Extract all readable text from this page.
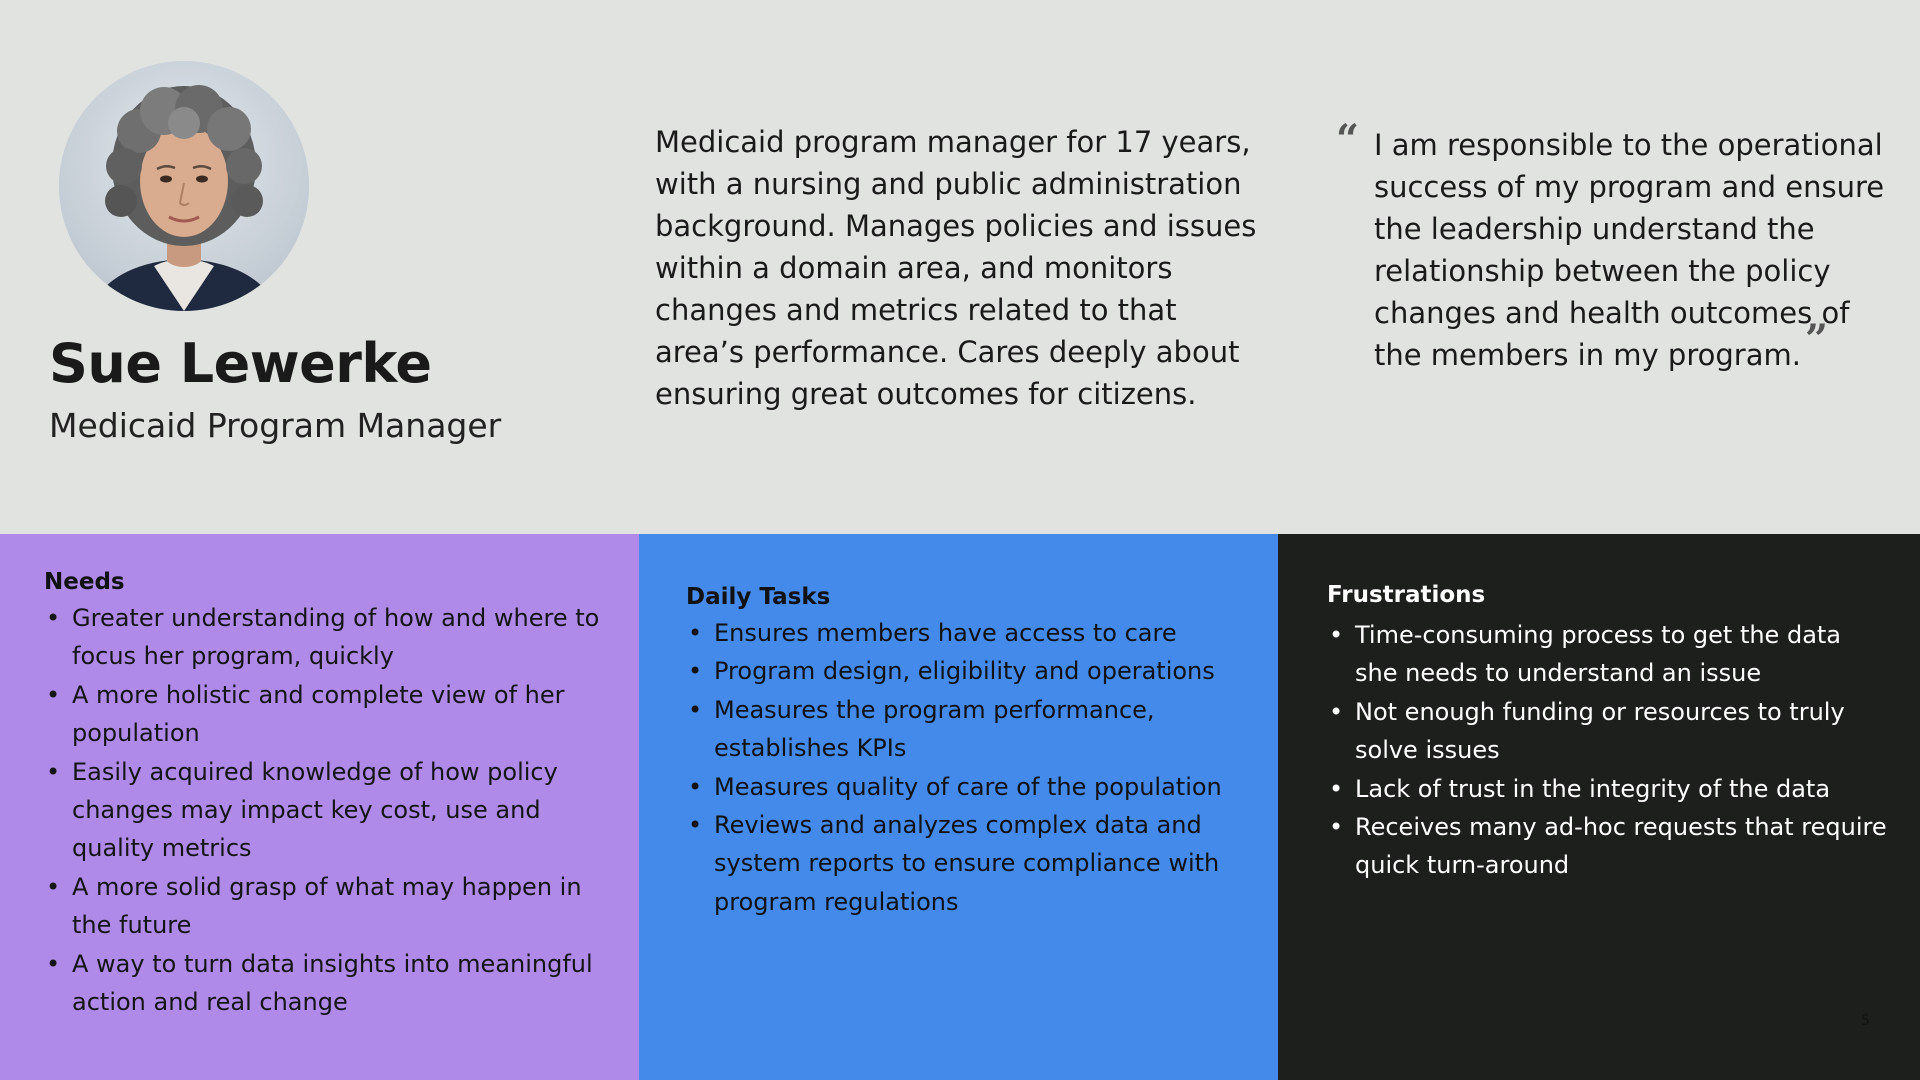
Sue Lewerke
Medicaid Program Manager

Medicaid program manager for 17 years, with a nursing and public administration background. Manages policies and issues within a domain area, and monitors changes and metrics related to that area’s performance. Cares deeply about ensuring great outcomes for citizens.

“ I am responsible to the operational success of my program and ensure the leadership understand the relationship between the policy changes and health outcomes of the members in my program. ”

Needs
• Greater understanding of how and where to focus her program, quickly
• A more holistic and complete view of her population
• Easily acquired knowledge of how policy changes may impact key cost, use and quality metrics
• A more solid grasp of what may happen in the future
• A way to turn data insights into meaningful action and real change
Daily Tasks
• Ensures members have access to care
• Program design, eligibility and operations
• Measures the program performance, establishes KPIs
• Measures quality of care of the population
• Reviews and analyzes complex data and system reports to ensure compliance with program regulations
Frustrations
• Time-consuming process to get the data she needs to understand an issue
• Not enough funding or resources to truly solve issues
• Lack of trust in the integrity of the data
• Receives many ad-hoc requests that require quick turn-around
5
